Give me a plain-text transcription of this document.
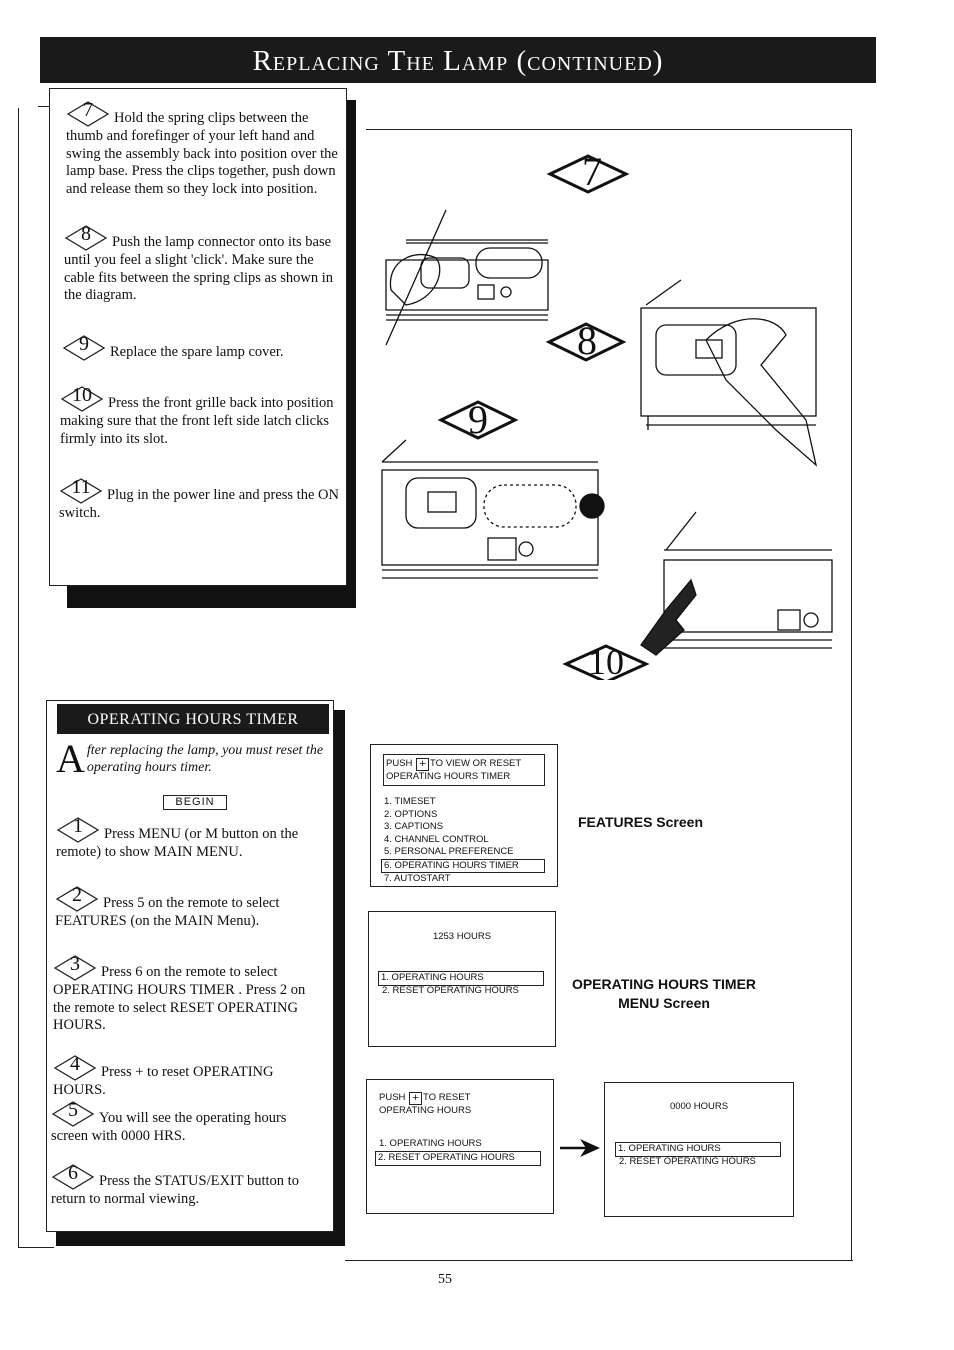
Replacing The Lamp (continued)
7	Hold the spring clips between the thumb and forefinger of your left hand and swing the assembly back into position over the lamp base. Press the clips together, push down and release them so they lock into position.
8	Push the lamp connector onto its base until you feel a slight 'click'. Make sure the cable fits between the spring clips as shown in the diagram.
9	Replace the spare lamp cover.
10	Press the front grille back into position making sure that the front left side latch clicks firmly into its slot.
11	Plug in the power line and press the ON switch.
7
8
9
10
OPERATING HOURS TIMER
After replacing the lamp, you must reset the operating hours timer.
BEGIN
1	Press MENU (or M button on the remote) to show MAIN MENU.
2	Press 5 on the remote to select FEATURES (on the MAIN Menu).
3	Press 6 on the remote to select OPERATING HOURS TIMER . Press 2 on the remote to select RESET OPERATING HOURS.
4	Press + to reset OPERATING HOURS.
5	You will see the operating hours screen with 0000 HRS.
6	Press the STATUS/EXIT button to return to normal viewing.
PUSH + TO VIEW OR RESET
OPERATING HOURS TIMER
1. TIMESET
2. OPTIONS
3. CAPTIONS
4. CHANNEL CONTROL
5. PERSONAL PREFERENCE
6. OPERATING HOURS TIMER
7. AUTOSTART
FEATURES Screen
1253 HOURS
1. OPERATING HOURS
2. RESET OPERATING HOURS	OPERATING HOURS TIMER
MENU Screen
PUSH + TO RESET
OPERATING HOURS
1. OPERATING HOURS
2. RESET OPERATING HOURS
0000 HOURS
1. OPERATING HOURS
2. RESET OPERATING HOURS
55
